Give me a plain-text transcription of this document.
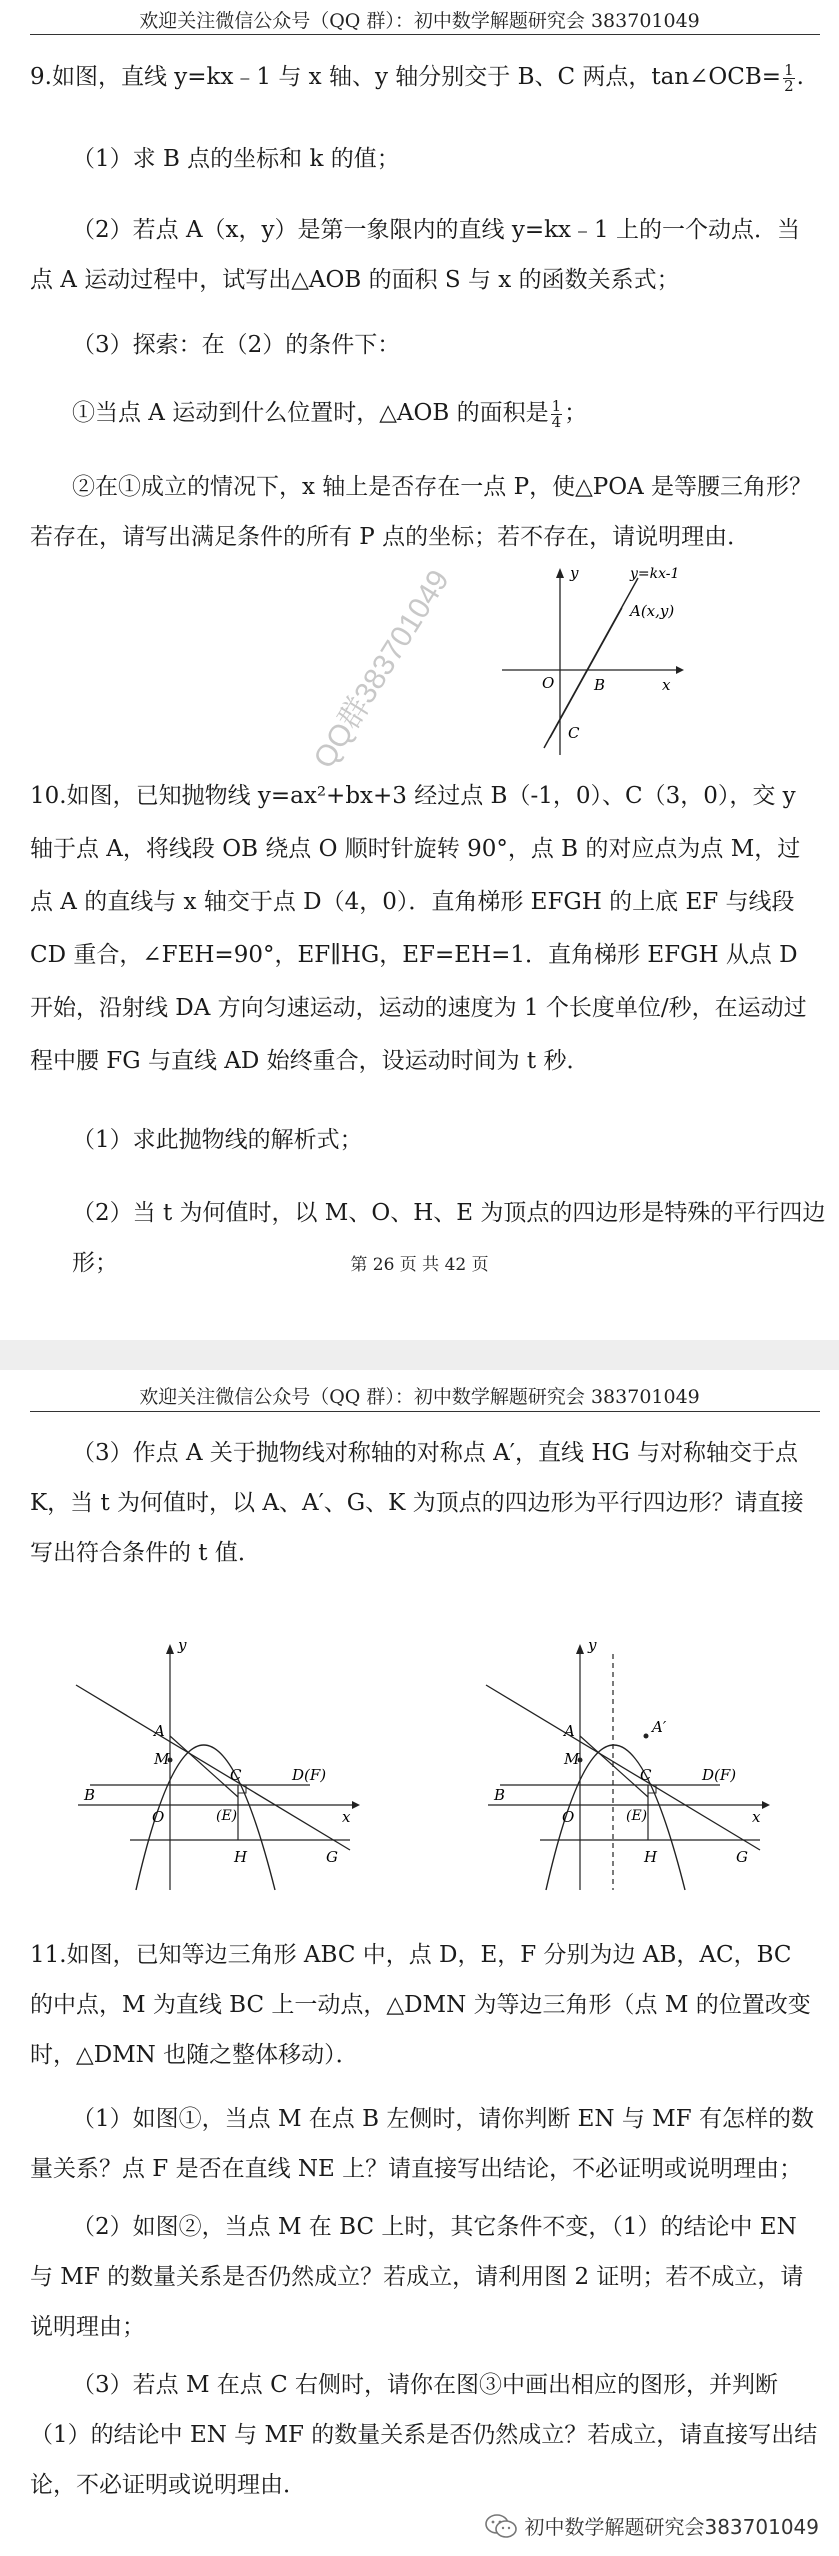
欢迎关注微信公众号（QQ 群）：初中数学解题研究会 383701049

9.如图，直线 y=kx﹣1 与 x 轴、y 轴分别交于 B、C 两点，tan∠OCB= $\frac{1}{2}$ .

（1）求 B 点的坐标和 k 的值；

（2）若点 A（x，y）是第一象限内的直线 y=kx﹣1 上的一个动点．当点 A 运动过程中，试写出△AOB 的面积 S 与 x 的函数关系式；

（3）探索：在（2）的条件下：

①当点 A 运动到什么位置时，△AOB 的面积是 $\frac{1}{4}$ ；

②在①成立的情况下，x 轴上是否存在一点 P，使△POA 是等腰三角形？若存在，请写出满足条件的所有 P 点的坐标；若不存在，请说明理由．

y
x
y=kx-1
A(x,y)
O	B
C
QQ群383701049

10.如图，已知抛物线 y=ax²+bx+3 经过点 B（-1，0）、C（3，0），交 y 轴于点 A，将线段 OB 绕点 O 顺时针旋转 90°，点 B 的对应点为点 M，过点 A 的直线与 x 轴交于点 D（4，0）．直角梯形 EFGH 的上底 EF 与线段 CD 重合，∠FEH=90°，EF∥HG，EF=EH=1．直角梯形 EFGH 从点 D 开始，沿射线 DA 方向匀速运动，运动的速度为 1 个长度单位/秒，在运动过程中腰 FG 与直线 AD 始终重合，设运动时间为 t 秒．

（1）求此抛物线的解析式；

（2）当 t 为何值时，以 M、O、H、E 为顶点的四边形是特殊的平行四边形；	第 26 页 共 42 页
欢迎关注微信公众号（QQ 群）：初中数学解题研究会 383701049

（3）作点 A 关于抛物线对称轴的对称点 A′，直线 HG 与对称轴交于点 K，当 t 为何值时，以 A、A′、G、K 为顶点的四边形为平行四边形？请直接写出符合条件的 t 值．

y
x
A
M
B
O
C
(E)
D(F)
H	G
y
x
A	A′
M
B
O
C
(E)
D(F)
H	G

11.如图，已知等边三角形 ABC 中，点 D，E，F 分别为边 AB，AC，BC 的中点，M 为直线 BC 上一动点，△DMN 为等边三角形（点 M 的位置改变时，△DMN 也随之整体移动）．

（1）如图①，当点 M 在点 B 左侧时，请你判断 EN 与 MF 有怎样的数量关系？点 F 是否在直线 NE 上？请直接写出结论，不必证明或说明理由；

（2）如图②，当点 M 在 BC 上时，其它条件不变，（1）的结论中 EN 与 MF 的数量关系是否仍然成立？若成立，请利用图 2 证明；若不成立，请说明理由；

（3）若点 M 在点 C 右侧时，请你在图③中画出相应的图形，并判断（1）的结论中 EN 与 MF 的数量关系是否仍然成立？若成立，请直接写出结论，不必证明或说明理由．

初中数学解题研究会383701049
